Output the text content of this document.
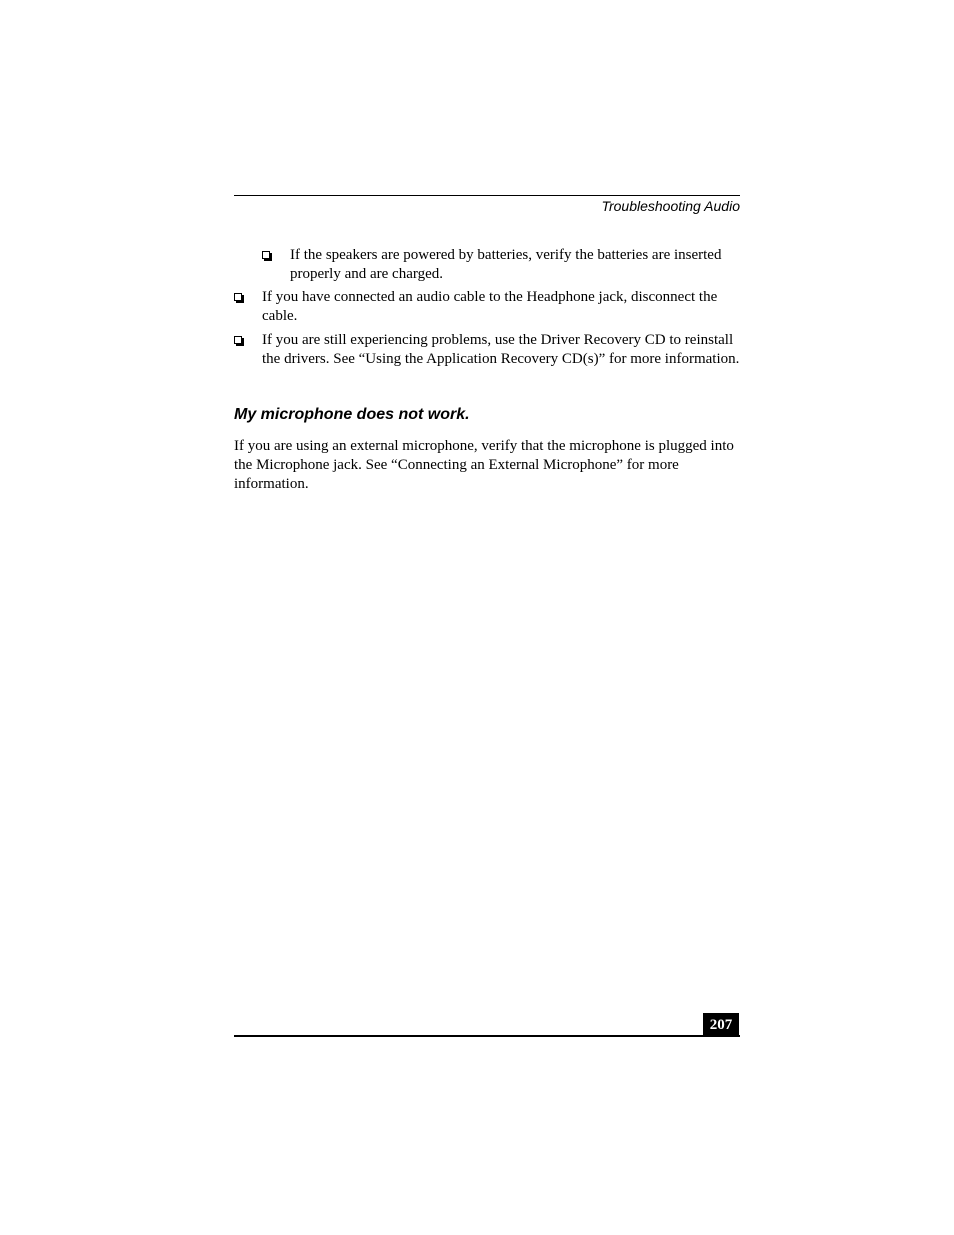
Troubleshooting Audio
If the speakers are powered by batteries, verify the batteries are inserted properly and are charged.
If you have connected an audio cable to the Headphone jack, disconnect the cable.
If you are still experiencing problems, use the Driver Recovery CD to reinstall the drivers. See “Using the Application Recovery CD(s)” for more information.
My microphone does not work.
If you are using an external microphone, verify that the microphone is plugged into the Microphone jack. See “Connecting an External Microphone” for more information.
207
